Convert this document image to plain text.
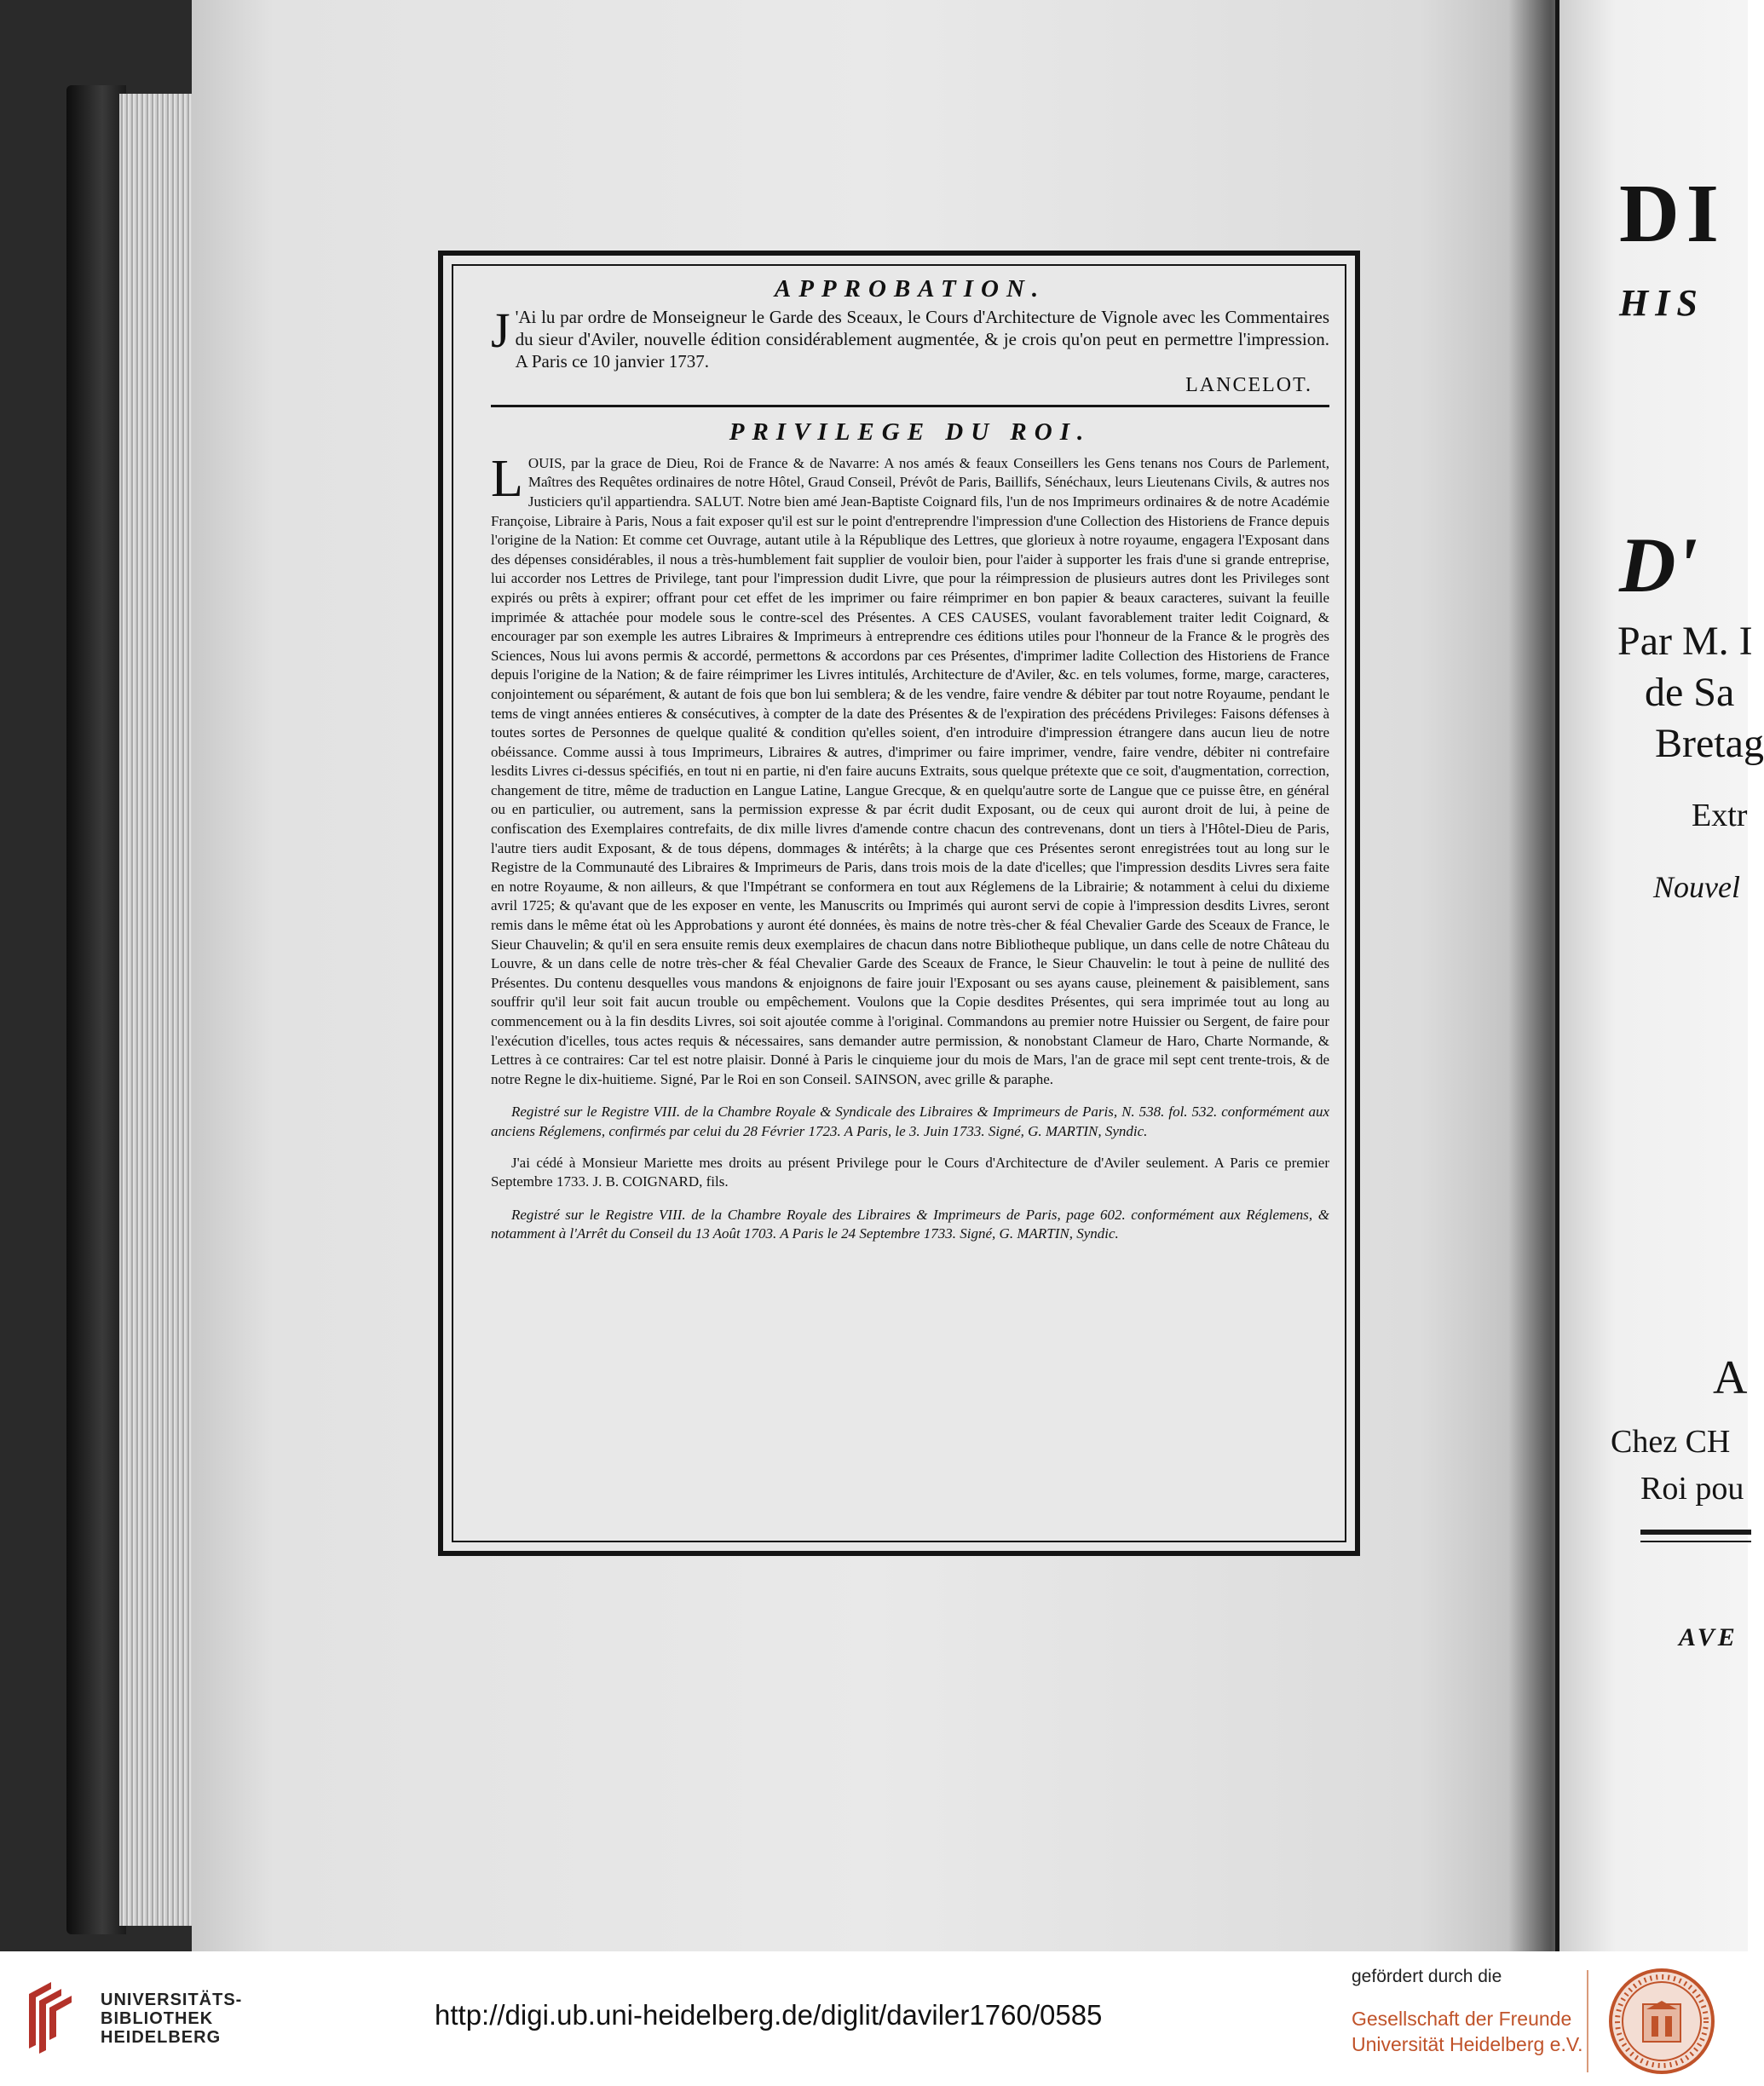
DI
HIS
D'
Par M. I
de Sa
Bretag
Extr
Nouvel
A
Chez CH
Roi pou
AVE
APPROBATION.
J 'Ai lu par ordre de Monseigneur le Garde des Sceaux, le Cours d'Architecture de Vignole avec les Commentaires du sieur d'Aviler, nouvelle édition considérablement augmentée, & je crois qu'on peut en permettre l'impression. A Paris ce 10 janvier 1737.
LANCELOT.
PRIVILEGE DU ROI.
L OUIS, par la grace de Dieu, Roi de France & de Navarre: A nos amés & feaux Conseillers les Gens tenans nos Cours de Parlement, Maîtres des Requêtes ordinaires de notre Hôtel, Graud Conseil, Prévôt de Paris, Baillifs, Sénéchaux, leurs Lieutenans Civils, & autres nos Justiciers qu'il appartiendra. SALUT. Notre bien amé Jean-Baptiste Coignard fils, l'un de nos Imprimeurs ordinaires & de notre Académie Françoise, Libraire à Paris, Nous a fait exposer qu'il est sur le point d'entreprendre l'impression d'une Collection des Historiens de France depuis l'origine de la Nation: Et comme cet Ouvrage, autant utile à la République des Lettres, que glorieux à notre royaume, engagera l'Exposant dans des dépenses considérables, il nous a très-humblement fait supplier de vouloir bien, pour l'aider à supporter les frais d'une si grande entreprise, lui accorder nos Lettres de Privilege, tant pour l'impression dudit Livre, que pour la réimpression de plusieurs autres dont les Privileges sont expirés ou prêts à expirer; offrant pour cet effet de les imprimer ou faire réimprimer en bon papier & beaux caracteres, suivant la feuille imprimée & attachée pour modele sous le contre-scel des Présentes. A CES CAUSES, voulant favorablement traiter ledit Coignard, & encourager par son exemple les autres Libraires & Imprimeurs à entreprendre ces éditions utiles pour l'honneur de la France & le progrès des Sciences, Nous lui avons permis & accordé, permettons & accordons par ces Présentes, d'imprimer ladite Collection des Historiens de France depuis l'origine de la Nation; & de faire réimprimer les Livres intitulés, Architecture de d'Aviler, &c. en tels volumes, forme, marge, caracteres, conjointement ou séparément, & autant de fois que bon lui semblera; & de les vendre, faire vendre & débiter par tout notre Royaume, pendant le tems de vingt années entieres & consécutives, à compter de la date des Présentes & de l'expiration des précédens Privileges: Faisons défenses à toutes sortes de Personnes de quelque qualité & condition qu'elles soient, d'en introduire d'impression étrangere dans aucun lieu de notre obéissance. Comme aussi à tous Imprimeurs, Libraires & autres, d'imprimer ou faire imprimer, vendre, faire vendre, débiter ni contrefaire lesdits Livres ci-dessus spécifiés, en tout ni en partie, ni d'en faire aucuns Extraits, sous quelque prétexte que ce soit, d'augmentation, correction, changement de titre, même de traduction en Langue Latine, Langue Grecque, & en quelqu'autre sorte de Langue que ce puisse être, en général ou en particulier, ou autrement, sans la permission expresse & par écrit dudit Exposant, ou de ceux qui auront droit de lui, à peine de confiscation des Exemplaires contrefaits, de dix mille livres d'amende contre chacun des contrevenans, dont un tiers à l'Hôtel-Dieu de Paris, l'autre tiers audit Exposant, & de tous dépens, dommages & intérêts; à la charge que ces Présentes seront enregistrées tout au long sur le Registre de la Communauté des Libraires & Imprimeurs de Paris, dans trois mois de la date d'icelles; que l'impression desdits Livres sera faite en notre Royaume, & non ailleurs, & que l'Impétrant se conformera en tout aux Réglemens de la Librairie; & notamment à celui du dixieme avril 1725; & qu'avant que de les exposer en vente, les Manuscrits ou Imprimés qui auront servi de copie à l'impression desdits Livres, seront remis dans le même état où les Approbations y auront été données, ès mains de notre très-cher & féal Chevalier Garde des Sceaux de France, le Sieur Chauvelin; & qu'il en sera ensuite remis deux exemplaires de chacun dans notre Bibliotheque publique, un dans celle de notre Château du Louvre, & un dans celle de notre très-cher & féal Chevalier Garde des Sceaux de France, le Sieur Chauvelin: le tout à peine de nullité des Présentes. Du contenu desquelles vous mandons & enjoignons de faire jouir l'Exposant ou ses ayans cause, pleinement & paisiblement, sans souffrir qu'il leur soit fait aucun trouble ou empêchement. Voulons que la Copie desdites Présentes, qui sera imprimée tout au long au commencement ou à la fin desdits Livres, soi soit ajoutée comme à l'original. Commandons au premier notre Huissier ou Sergent, de faire pour l'exécution d'icelles, tous actes requis & nécessaires, sans demander autre permission, & nonobstant Clameur de Haro, Charte Normande, & Lettres à ce contraires: Car tel est notre plaisir. Donné à Paris le cinquieme jour du mois de Mars, l'an de grace mil sept cent trente-trois, & de notre Regne le dix-huitieme. Signé, Par le Roi en son Conseil. SAINSON, avec grille & paraphe.
Registré sur le Registre VIII. de la Chambre Royale & Syndicale des Libraires & Imprimeurs de Paris, N. 538. fol. 532. conformément aux anciens Réglemens, confirmés par celui du 28 Février 1723. A Paris, le 3. Juin 1733. Signé, G. MARTIN, Syndic.
J'ai cédé à Monsieur Mariette mes droits au présent Privilege pour le Cours d'Architecture de d'Aviler seulement. A Paris ce premier Septembre 1733. J. B. COIGNARD, fils.
Registré sur le Registre VIII. de la Chambre Royale des Libraires & Imprimeurs de Paris, page 602. conformément aux Réglemens, & notamment à l'Arrêt du Conseil du 13 Août 1703. A Paris le 24 Septembre 1733. Signé, G. MARTIN, Syndic.
UNIVERSITÄTS-
BIBLIOTHEK
HEIDELBERG
http://digi.ub.uni-heidelberg.de/diglit/daviler1760/0585
gefördert durch die
Gesellschaft der Freunde
Universität Heidelberg e.V.
